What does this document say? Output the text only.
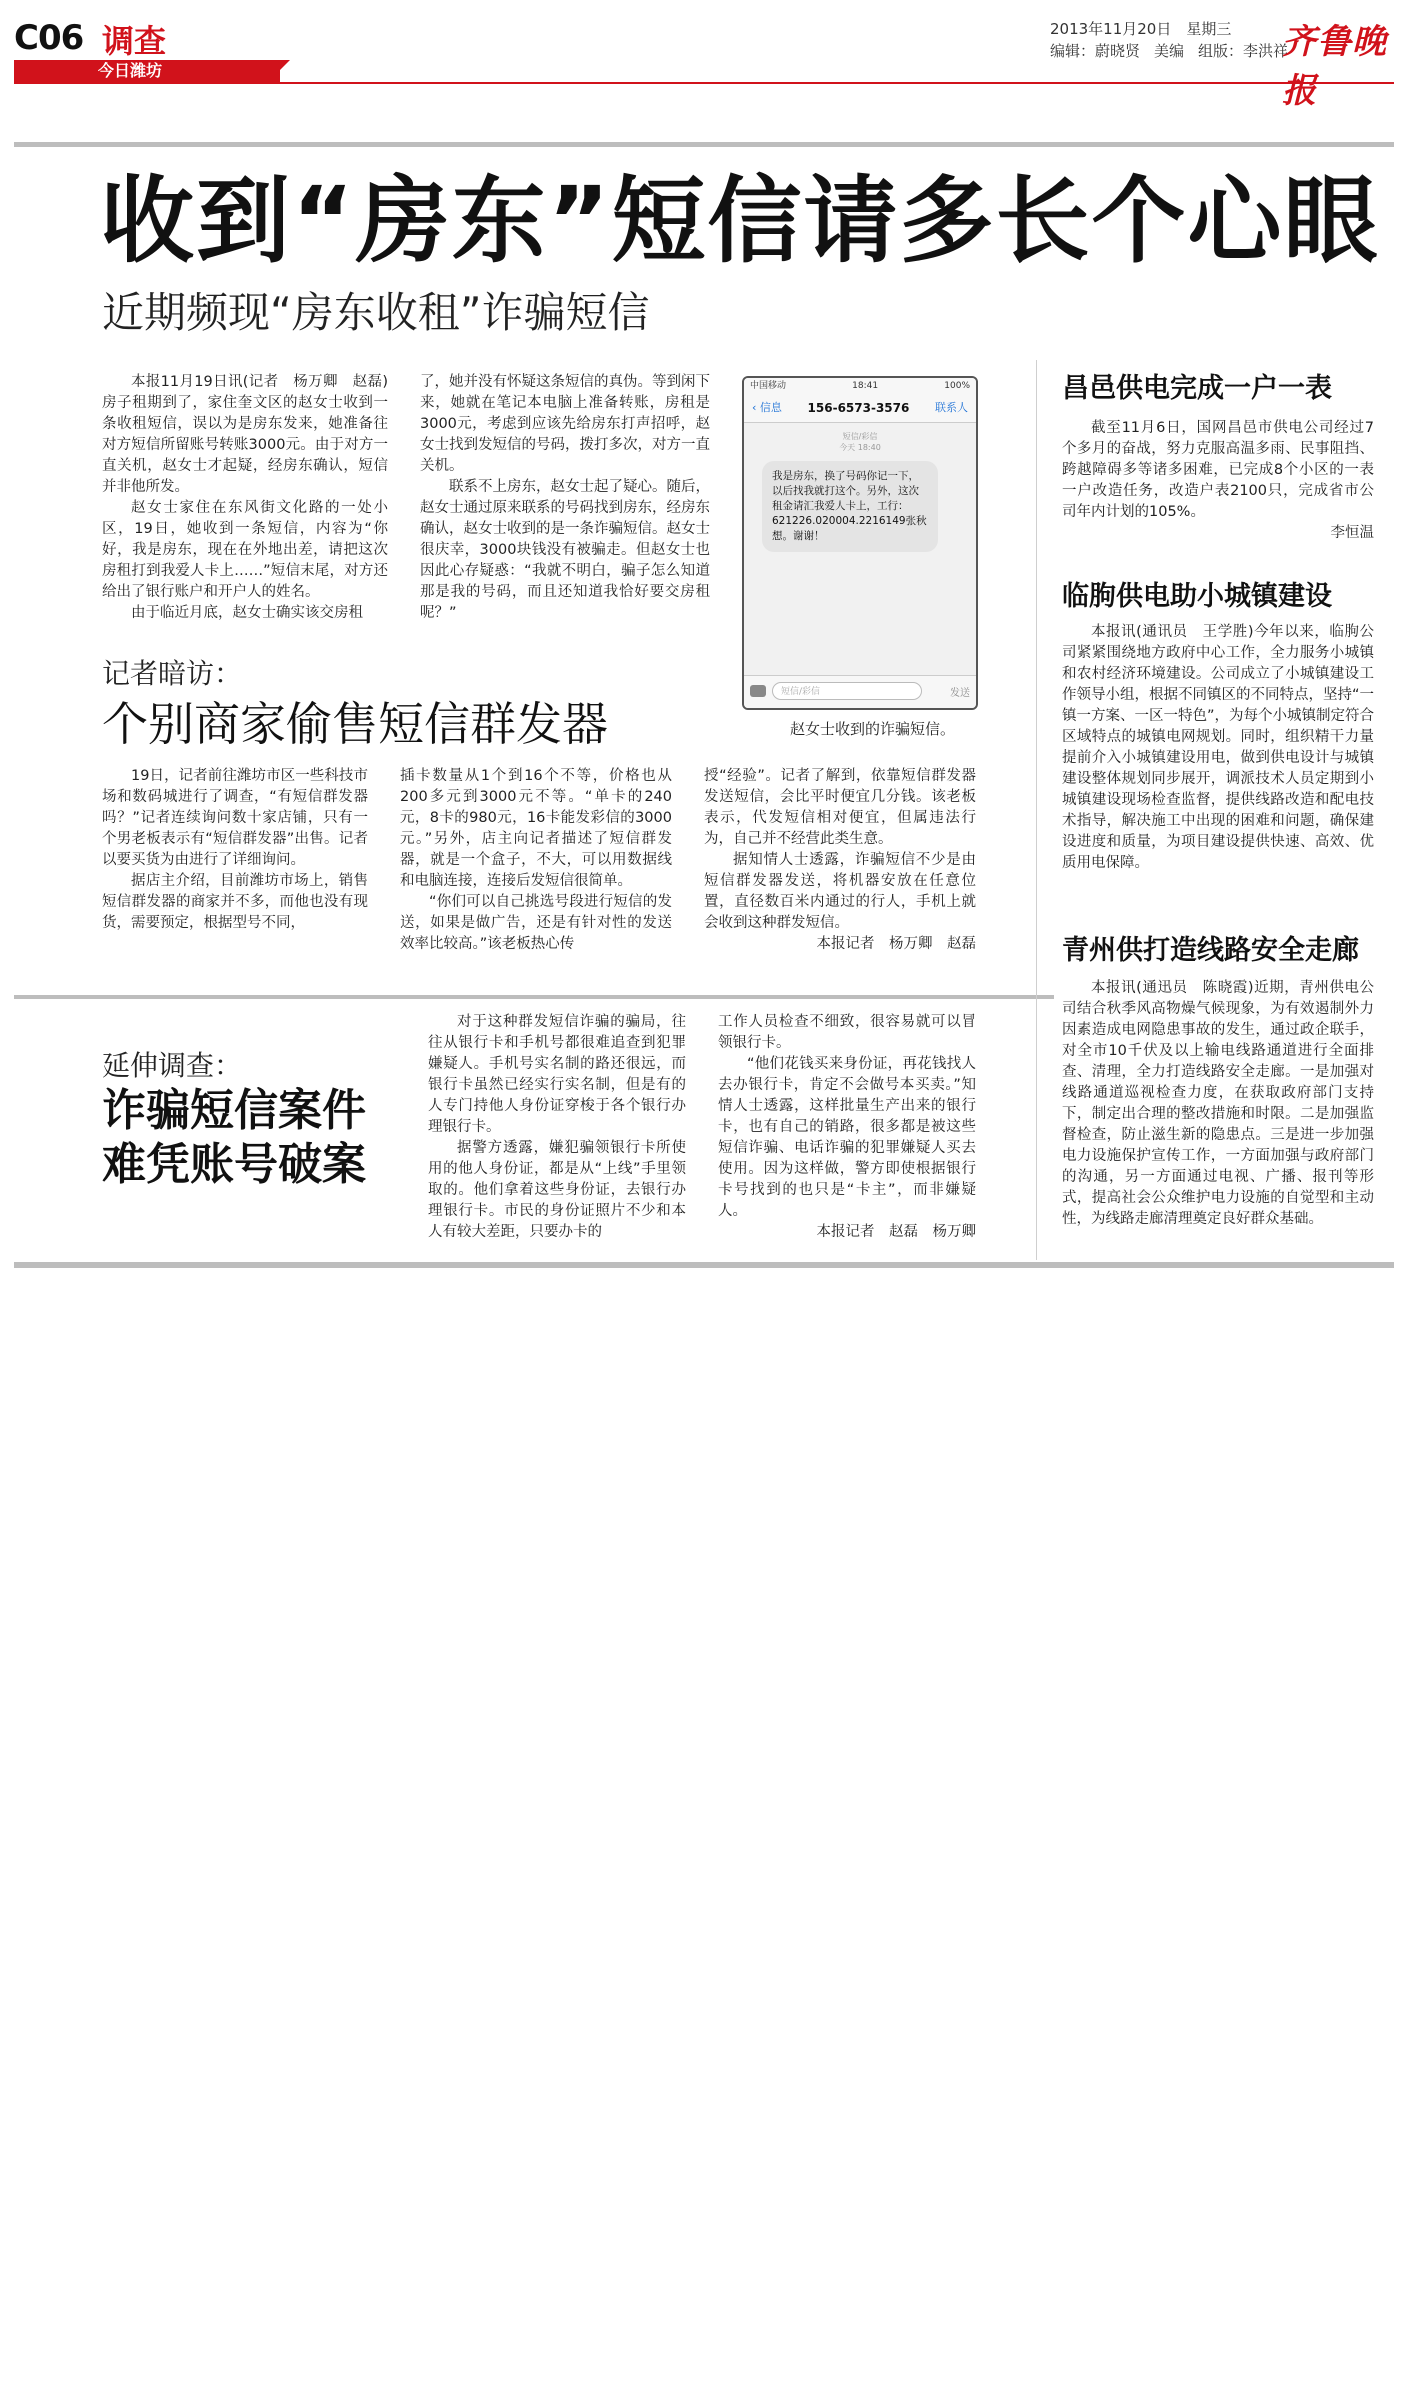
C06 调查
今日潍坊
2013年11月20日　星期三
编辑：蔚晓贤 美编 组版：李洪祥
齐鲁晚报
收到“房东”短信请多长个心眼
近期频现“房东收租”诈骗短信

本报11月19日讯(记者　杨万卿　赵磊)房子租期到了，家住奎文区的赵女士收到一条收租短信，误以为是房东发来，她准备往对方短信所留账号转账3000元。由于对方一直关机，赵女士才起疑，经房东确认，短信并非他所发。

赵女士家住在东风街文化路的一处小区，19日，她收到一条短信，内容为“你好，我是房东，现在在外地出差，请把这次房租打到我爱人卡上……”短信末尾，对方还给出了银行账户和开户人的姓名。

由于临近月底，赵女士确实该交房租

了，她并没有怀疑这条短信的真伪。等到闲下来，她就在笔记本电脑上准备转账，房租是3000元，考虑到应该先给房东打声招呼，赵女士找到发短信的号码，拨打多次，对方一直关机。

联系不上房东，赵女士起了疑心。随后，赵女士通过原来联系的号码找到房东，经房东确认，赵女士收到的是一条诈骗短信。赵女士很庆幸，3000块钱没有被骗走。但赵女士也因此心存疑惑：“我就不明白，骗子怎么知道那是我的号码，而且还知道我恰好要交房租呢？”

中国移动	18:41	100%
‹ 信息 156-6573-3576 联系人
短信/彩信
今天 18:40
我是房东，换了号码你记一下，以后找我就打这个。另外，这次租金请汇我爱人卡上，工行：621226.020004.2216149张秋想。谢谢！
短信/彩信	发送
赵女士收到的诈骗短信。
记者暗访：
个别商家偷售短信群发器

19日，记者前往潍坊市区一些科技市场和数码城进行了调查，“有短信群发器吗？”记者连续询问数十家店铺，只有一个男老板表示有“短信群发器”出售。记者以要买货为由进行了详细询问。

据店主介绍，目前潍坊市场上，销售短信群发器的商家并不多，而他也没有现货，需要预定，根据型号不同，

插卡数量从1个到16个不等，价格也从200多元到3000元不等。“单卡的240元，8卡的980元，16卡能发彩信的3000元。”另外，店主向记者描述了短信群发器，就是一个盒子，不大，可以用数据线和电脑连接，连接后发短信很简单。

“你们可以自己挑选号段进行短信的发送，如果是做广告，还是有针对性的发送效率比较高。”该老板热心传

授“经验”。记者了解到，依靠短信群发器发送短信，会比平时便宜几分钱。该老板表示，代发短信相对便宜，但属违法行为，自己并不经营此类生意。

据知情人士透露，诈骗短信不少是由短信群发器发送，将机器安放在任意位置，直径数百米内通过的行人，手机上就会收到这种群发短信。

本报记者　杨万卿　赵磊
延伸调查：
诈骗短信案件
难凭账号破案

对于这种群发短信诈骗的骗局，往往从银行卡和手机号都很难追查到犯罪嫌疑人。手机号实名制的路还很远，而银行卡虽然已经实行实名制，但是有的人专门持他人身份证穿梭于各个银行办理银行卡。

据警方透露，嫌犯骗领银行卡所使用的他人身份证，都是从“上线”手里领取的。他们拿着这些身份证，去银行办理银行卡。市民的身份证照片不少和本人有较大差距，只要办卡的

工作人员检查不细致，很容易就可以冒领银行卡。

“他们花钱买来身份证，再花钱找人去办银行卡，肯定不会做号本买卖。”知情人士透露，这样批量生产出来的银行卡，也有自己的销路，很多都是被这些短信诈骗、电话诈骗的犯罪嫌疑人买去使用。因为这样做，警方即使根据银行卡号找到的也只是“卡主”，而非嫌疑人。

本报记者　赵磊　杨万卿
昌邑供电完成一户一表

截至11月6日，国网昌邑市供电公司经过7个多月的奋战，努力克服高温多雨、民事阻挡、跨越障碍多等诸多困难，已完成8个小区的一表一户改造任务，改造户表2100只，完成省市公司年内计划的105%。

李恒温
临朐供电助小城镇建设

本报讯(通讯员　王学胜)今年以来，临朐公司紧紧围绕地方政府中心工作，全力服务小城镇和农村经济环境建设。公司成立了小城镇建设工作领导小组，根据不同镇区的不同特点，坚持“一镇一方案、一区一特色”，为每个小城镇制定符合区域特点的城镇电网规划。同时，组织精干力量提前介入小城镇建设用电，做到供电设计与城镇建设整体规划同步展开，调派技术人员定期到小城镇建设现场检查监督，提供线路改造和配电技术指导，解决施工中出现的困难和问题，确保建设进度和质量，为项目建设提供快速、高效、优质用电保障。

青州供打造线路安全走廊

本报讯(通迅员　陈晓霞)近期，青州供电公司结合秋季风高物燥气候现象，为有效遏制外力因素造成电网隐患事故的发生，通过政企联手，对全市10千伏及以上输电线路通道进行全面排查、清理，全力打造线路安全走廊。一是加强对线路通道巡视检查力度，在获取政府部门支持下，制定出合理的整改措施和时限。二是加强监督检查，防止滋生新的隐患点。三是进一步加强电力设施保护宣传工作，一方面加强与政府部门的沟通，另一方面通过电视、广播、报刊等形式，提高社会公众维护电力设施的自觉型和主动性，为线路走廊清理奠定良好群众基础。
